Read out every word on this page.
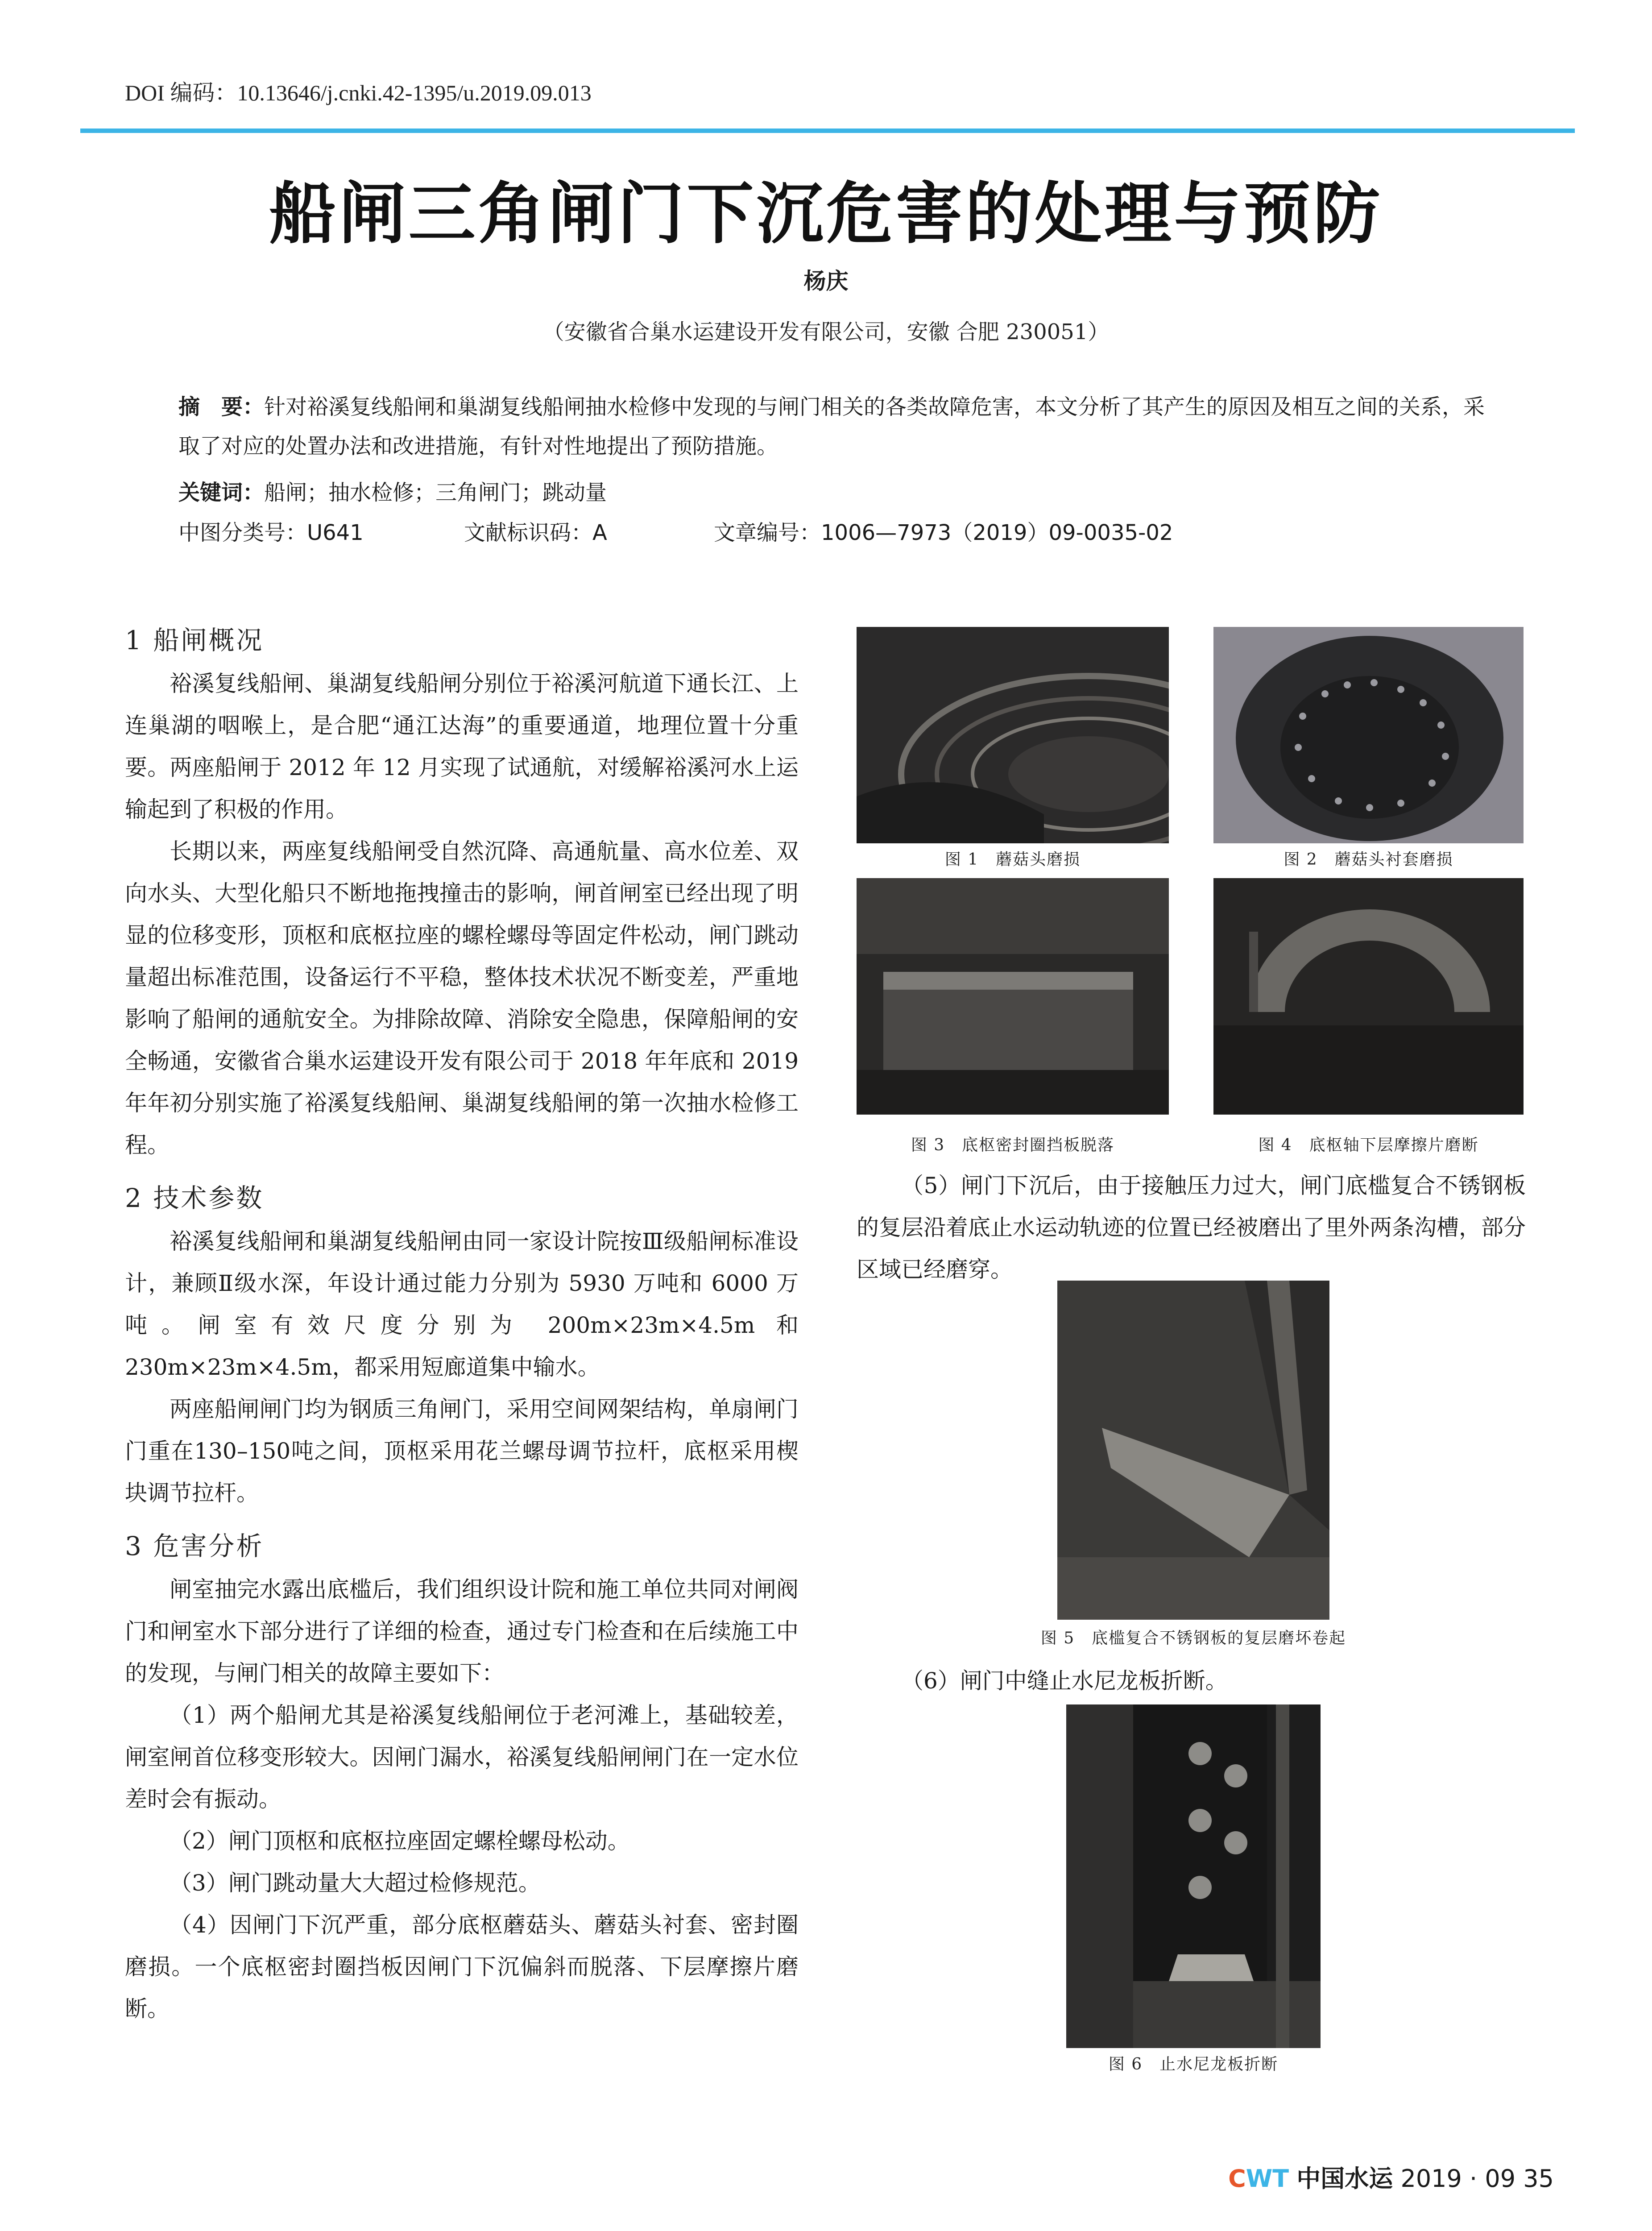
DOI 编码：10.13646/j.cnki.42-1395/u.2019.09.013
船闸三角闸门下沉危害的处理与预防
杨庆
（安徽省合巢水运建设开发有限公司，安徽 合肥 230051）
摘　要：针对裕溪复线船闸和巢湖复线船闸抽水检修中发现的与闸门相关的各类故障危害，本文分析了其产生的原因及相互之间的关系，采取了对应的处置办法和改进措施，有针对性地提出了预防措施。
关键词：船闸；抽水检修；三角闸门；跳动量
中图分类号：U641	文献标识码：A	文章编号：1006—7973（2019）09-0035-02
1 船闸概况

裕溪复线船闸、巢湖复线船闸分别位于裕溪河航道下通长江、上连巢湖的咽喉上，是合肥“通江达海”的重要通道，地理位置十分重要。两座船闸于 2012 年 12 月实现了试通航，对缓解裕溪河水上运输起到了积极的作用。

长期以来，两座复线船闸受自然沉降、高通航量、高水位差、双向水头、大型化船只不断地拖拽撞击的影响，闸首闸室已经出现了明显的位移变形，顶枢和底枢拉座的螺栓螺母等固定件松动，闸门跳动量超出标准范围，设备运行不平稳，整体技术状况不断变差，严重地影响了船闸的通航安全。为排除故障、消除安全隐患，保障船闸的安全畅通，安徽省合巢水运建设开发有限公司于 2018 年年底和 2019 年年初分别实施了裕溪复线船闸、巢湖复线船闸的第一次抽水检修工程。

2 技术参数

裕溪复线船闸和巢湖复线船闸由同一家设计院按Ⅲ级船闸标准设计，兼顾Ⅱ级水深，年设计通过能力分别为 5930 万吨和 6000 万吨。闸室有效尺度分别为 200m×23m×4.5m 和 230m×23m×4.5m，都采用短廊道集中输水。

两座船闸闸门均为钢质三角闸门，采用空间网架结构，单扇闸门门重在130–150吨之间，顶枢采用花兰螺母调节拉杆，底枢采用楔块调节拉杆。

3 危害分析

闸室抽完水露出底槛后，我们组织设计院和施工单位共同对闸阀门和闸室水下部分进行了详细的检查，通过专门检查和在后续施工中的发现，与闸门相关的故障主要如下：

（1）两个船闸尤其是裕溪复线船闸位于老河滩上，基础较差，闸室闸首位移变形较大。因闸门漏水，裕溪复线船闸闸门在一定水位差时会有振动。

（2）闸门顶枢和底枢拉座固定螺栓螺母松动。

（3）闸门跳动量大大超过检修规范。

（4）因闸门下沉严重，部分底枢蘑菇头、蘑菇头衬套、密封圈磨损。一个底枢密封圈挡板因闸门下沉偏斜而脱落、下层摩擦片磨断。

图 1　蘑菇头磨损	图 2　蘑菇头衬套磨损
图 3　底枢密封圈挡板脱落	图 4　底枢轴下层摩擦片磨断

（5）闸门下沉后，由于接触压力过大，闸门底槛复合不锈钢板的复层沿着底止水运动轨迹的位置已经被磨出了里外两条沟槽，部分区域已经磨穿。

图 5　底槛复合不锈钢板的复层磨坏卷起

（6）闸门中缝止水尼龙板折断。

图 6　止水尼龙板折断
CWT 中国水运 2019 · 09 35
